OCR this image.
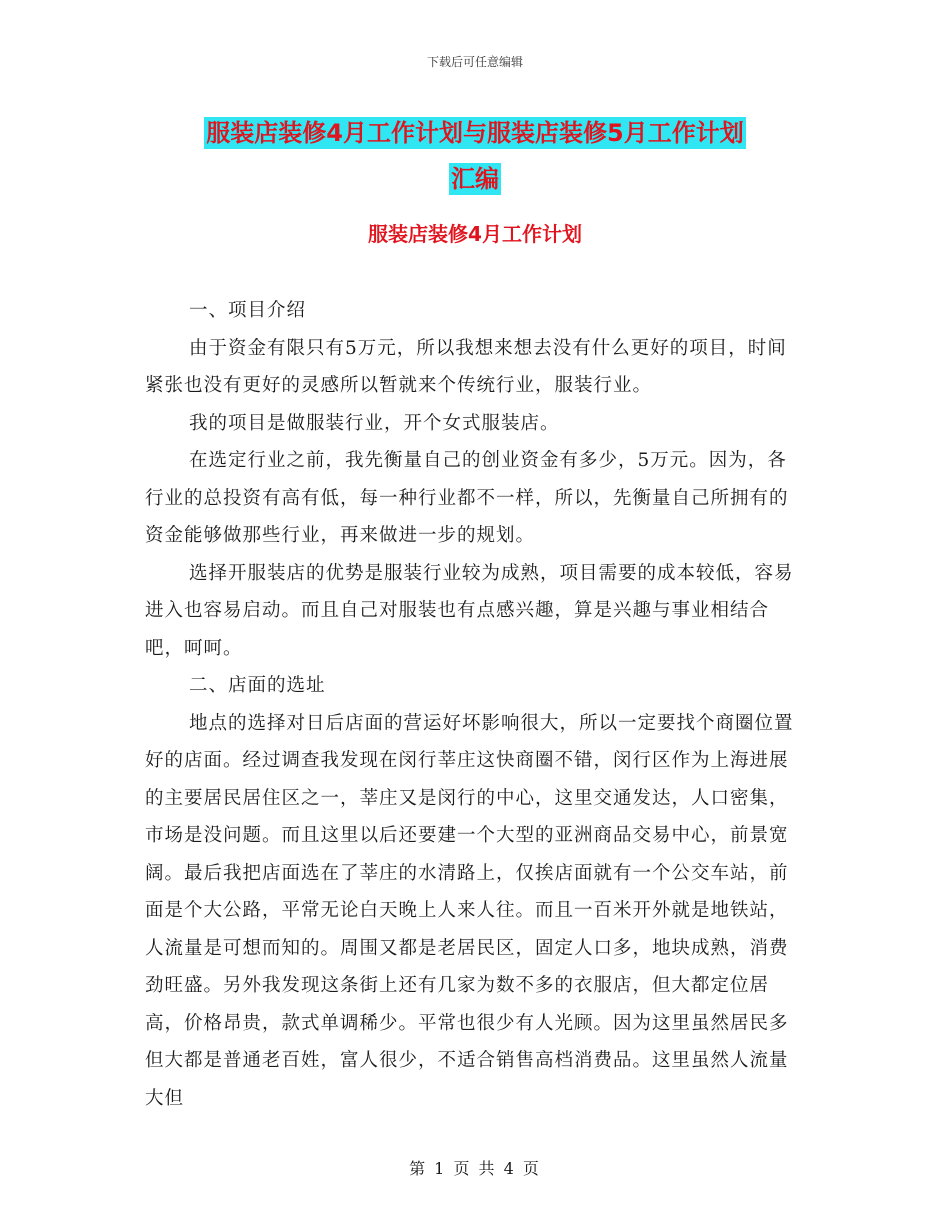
下载后可任意编辑
服装店装修4月工作计划与服装店装修5月工作计划
汇编
服装店装修4月工作计划

一、项目介绍

由于资金有限只有5万元，所以我想来想去没有什么更好的项目，时间紧张也没有更好的灵感所以暂就来个传统行业，服装行业。

我的项目是做服装行业，开个女式服装店。

在选定行业之前，我先衡量自己的创业资金有多少，5万元。因为，各行业的总投资有高有低，每一种行业都不一样，所以，先衡量自己所拥有的资金能够做那些行业，再来做进一步的规划。

选择开服装店的优势是服装行业较为成熟，项目需要的成本较低，容易进入也容易启动。而且自己对服装也有点感兴趣，算是兴趣与事业相结合吧，呵呵。

二、店面的选址

地点的选择对日后店面的营运好坏影响很大，所以一定要找个商圈位置好的店面。经过调查我发现在闵行莘庄这快商圈不错，闵行区作为上海进展的主要居民居住区之一，莘庄又是闵行的中心，这里交通发达，人口密集，市场是没问题。而且这里以后还要建一个大型的亚洲商品交易中心，前景宽阔。最后我把店面选在了莘庄的水清路上，仅挨店面就有一个公交车站，前面是个大公路，平常无论白天晚上人来人往。而且一百米开外就是地铁站，人流量是可想而知的。周围又都是老居民区，固定人口多，地块成熟，消费劲旺盛。另外我发现这条街上还有几家为数不多的衣服店，但大都定位居高，价格昂贵，款式单调稀少。平常也很少有人光顾。因为这里虽然居民多但大都是普通老百姓，富人很少，不适合销售高档消费品。这里虽然人流量大但

第 1 页 共 4 页
